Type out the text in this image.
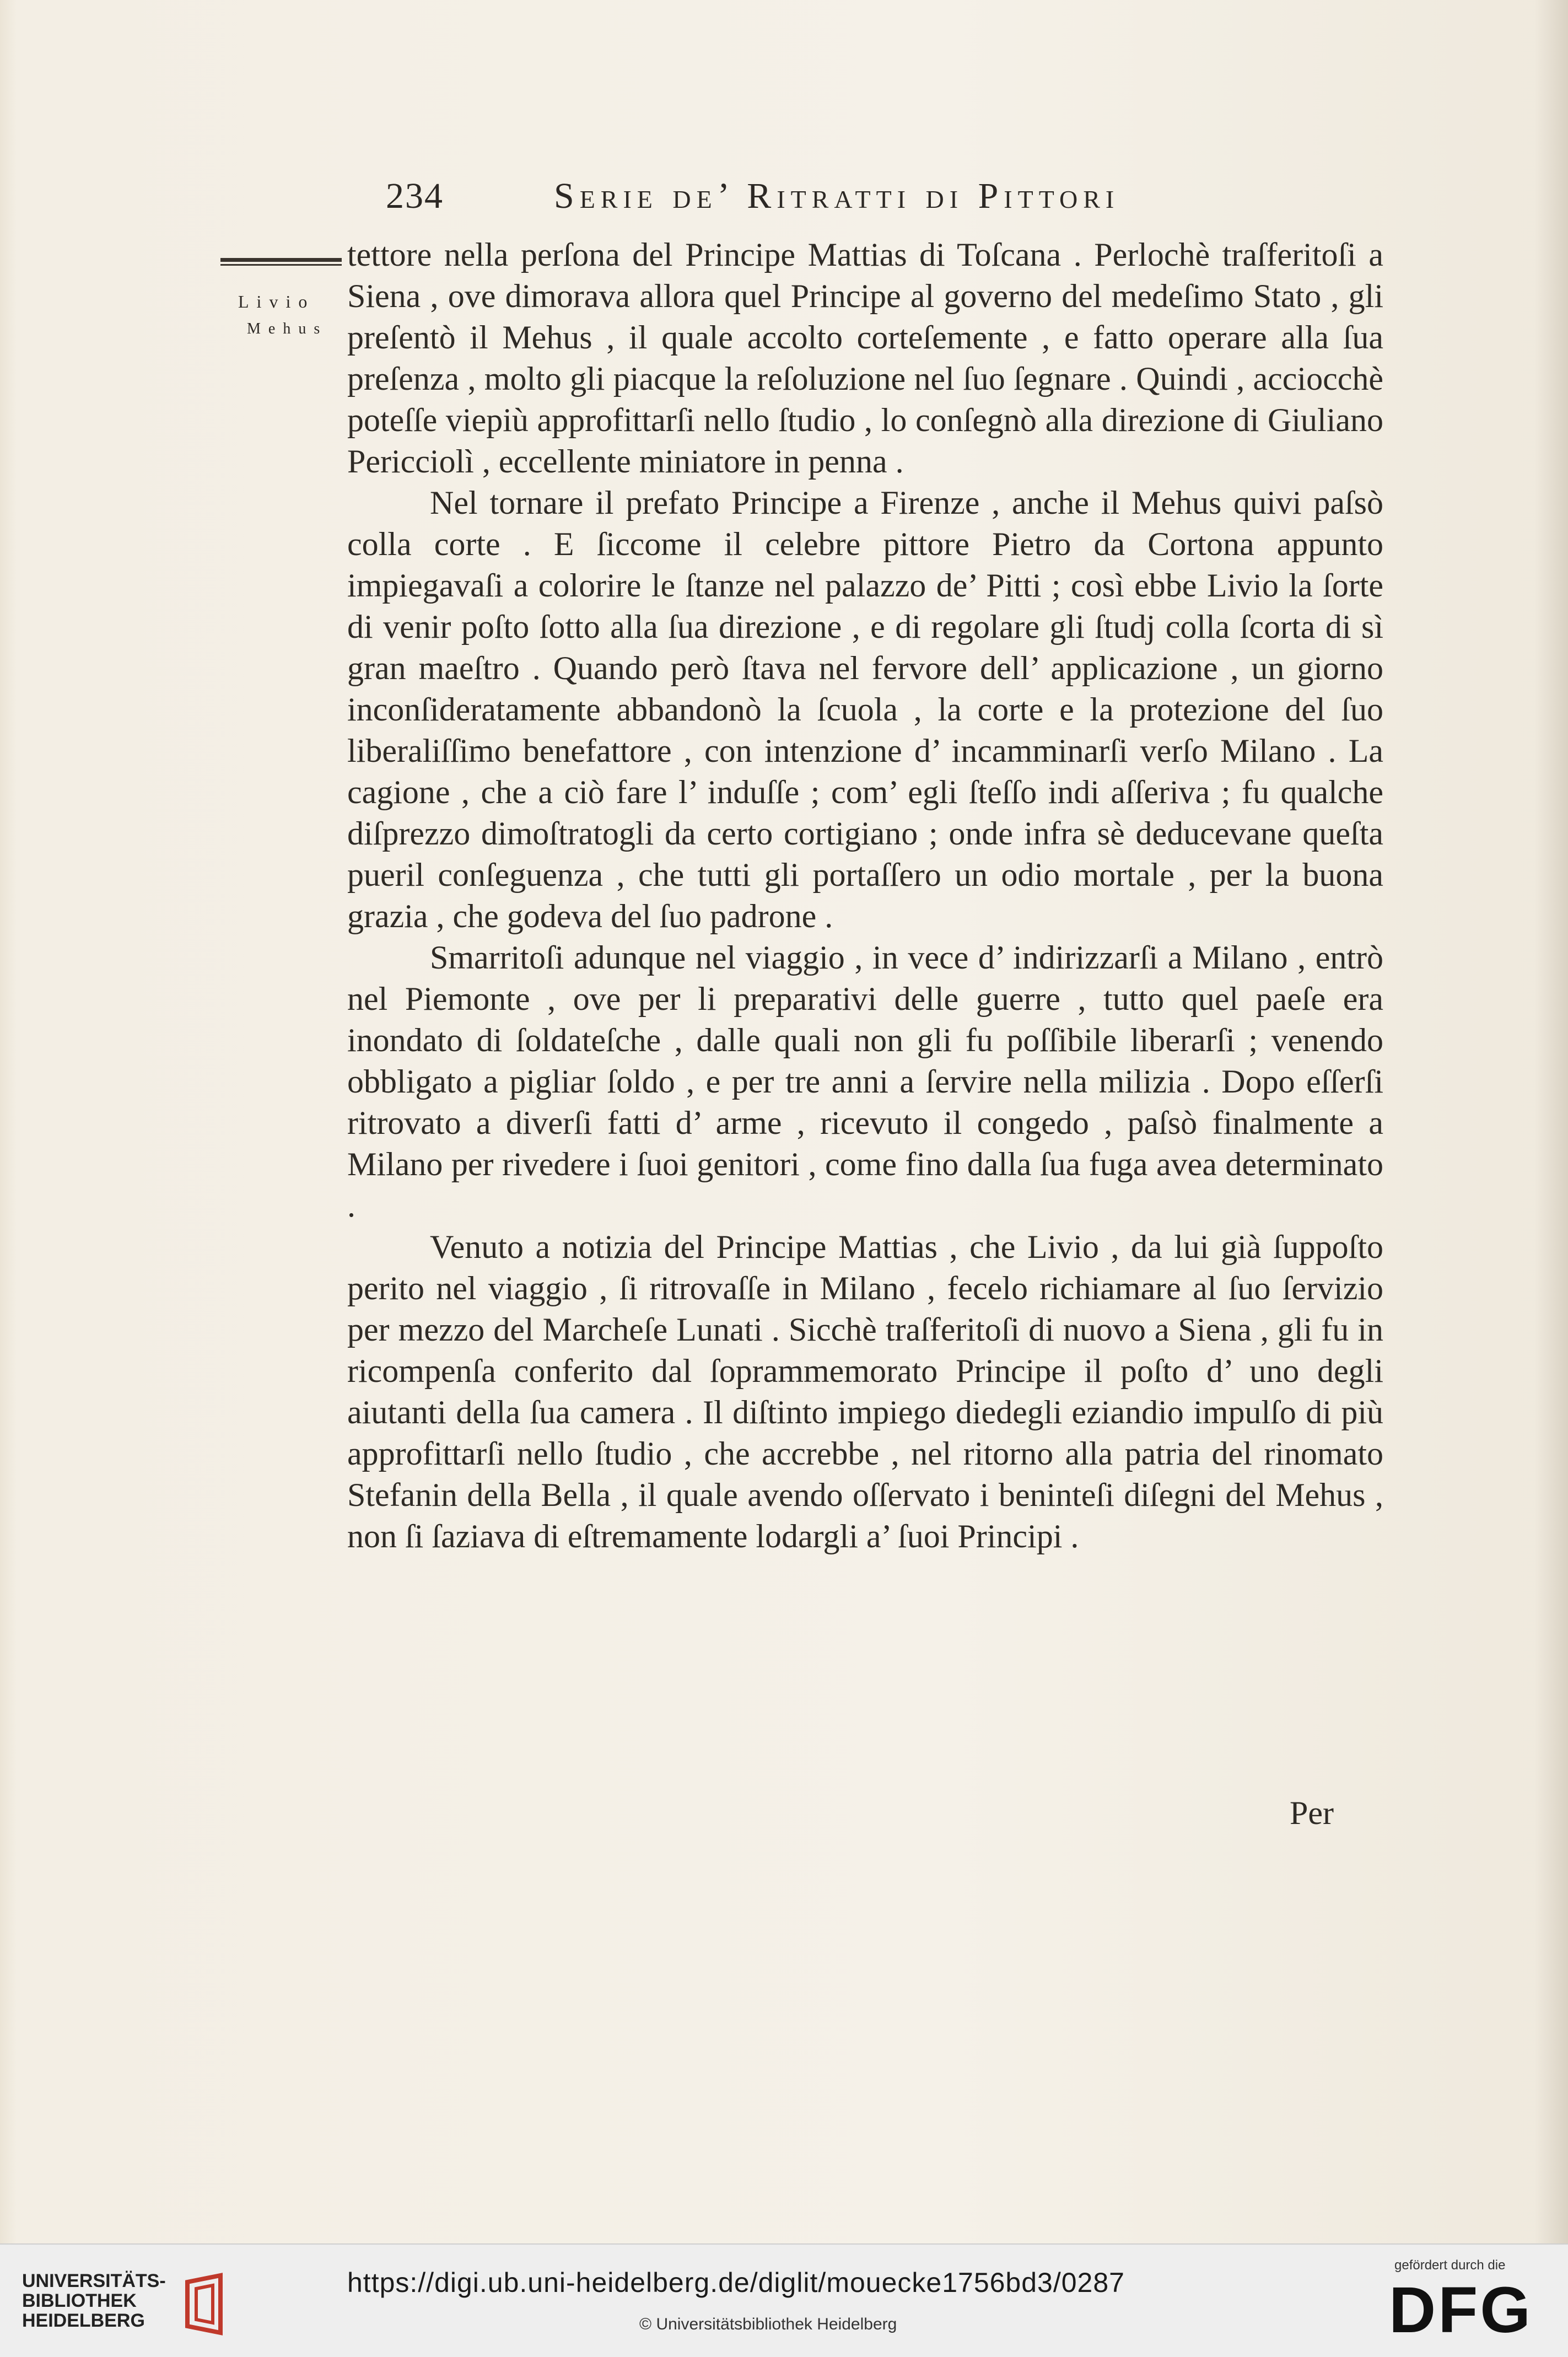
234	Serie de’ Ritratti di Pittori
Livio
Mehus

tettore nella perſona del Principe Mattias di Toſcana . Perlochè traſferitoſi a Siena , ove dimorava allora quel Principe al governo del medeſimo Stato , gli preſentò il Mehus , il quale accolto corteſemente , e fatto operare alla ſua preſenza , molto gli piacque la reſoluzione nel ſuo ſegnare . Quindi , acciocchè poteſſe viepiù approfittarſi nello ſtudio , lo conſegnò alla direzione di Giuliano Pericciolì , eccellente miniatore in penna .

Nel tornare il prefato Principe a Firenze , anche il Mehus quivi paſsò colla corte . E ſiccome il celebre pittore Pietro da Cortona appunto impiegavaſi a colorire le ſtanze nel palazzo de’ Pitti ; così ebbe Livio la ſorte di venir poſto ſotto alla ſua direzione , e di regolare gli ſtudj colla ſcorta di sì gran maeſtro . Quando però ſtava nel fervore dell’ applicazione , un giorno inconſideratamente abbandonò la ſcuola , la corte e la protezione del ſuo liberaliſſimo benefattore , con intenzione d’ incamminarſi verſo Milano . La cagione , che a ciò fare l’ induſſe ; com’ egli ſteſſo indi aſſeriva ; fu qualche diſprezzo dimoſtratogli da certo cortigiano ; onde infra sè deducevane queſta pueril conſeguenza , che tutti gli portaſſero un odio mortale , per la buona grazia , che godeva del ſuo padrone .

Smarritoſi adunque nel viaggio , in vece d’ indirizzarſi a Milano , entrò nel Piemonte , ove per li preparativi delle guerre , tutto quel paeſe era inondato di ſoldateſche , dalle quali non gli fu poſſibile liberarſi ; venendo obbligato a pigliar ſoldo , e per tre anni a ſervire nella milizia . Dopo eſſerſi ritrovato a diverſi fatti d’ arme , ricevuto il congedo , paſsò finalmente a Milano per rivedere i ſuoi genitori , come fino dalla ſua fuga avea determinato .

Venuto a notizia del Principe Mattias , che Livio , da lui già ſuppoſto perito nel viaggio , ſi ritrovaſſe in Milano , fecelo richiamare al ſuo ſervizio per mezzo del Marcheſe Lunati . Sicchè traſferitoſi di nuovo a Siena , gli fu in ricompenſa conferito dal ſoprammemorato Principe il poſto d’ uno degli aiutanti della ſua camera . Il diſtinto impiego diedegli eziandio impulſo di più approfittarſi nello ſtudio , che accrebbe , nel ritorno alla patria del rinomato Stefanin della Bella , il quale avendo oſſervato i beninteſi diſegni del Mehus , non ſi ſaziava di eſtremamente lodargli a’ ſuoi Principi .

Per
UNIVERSITÄTS-
BIBLIOTHEK
HEIDELBERG
https://digi.ub.uni-heidelberg.de/diglit/mouecke1756bd3/0287
© Universitätsbibliothek Heidelberg
gefördert durch die
DFG
